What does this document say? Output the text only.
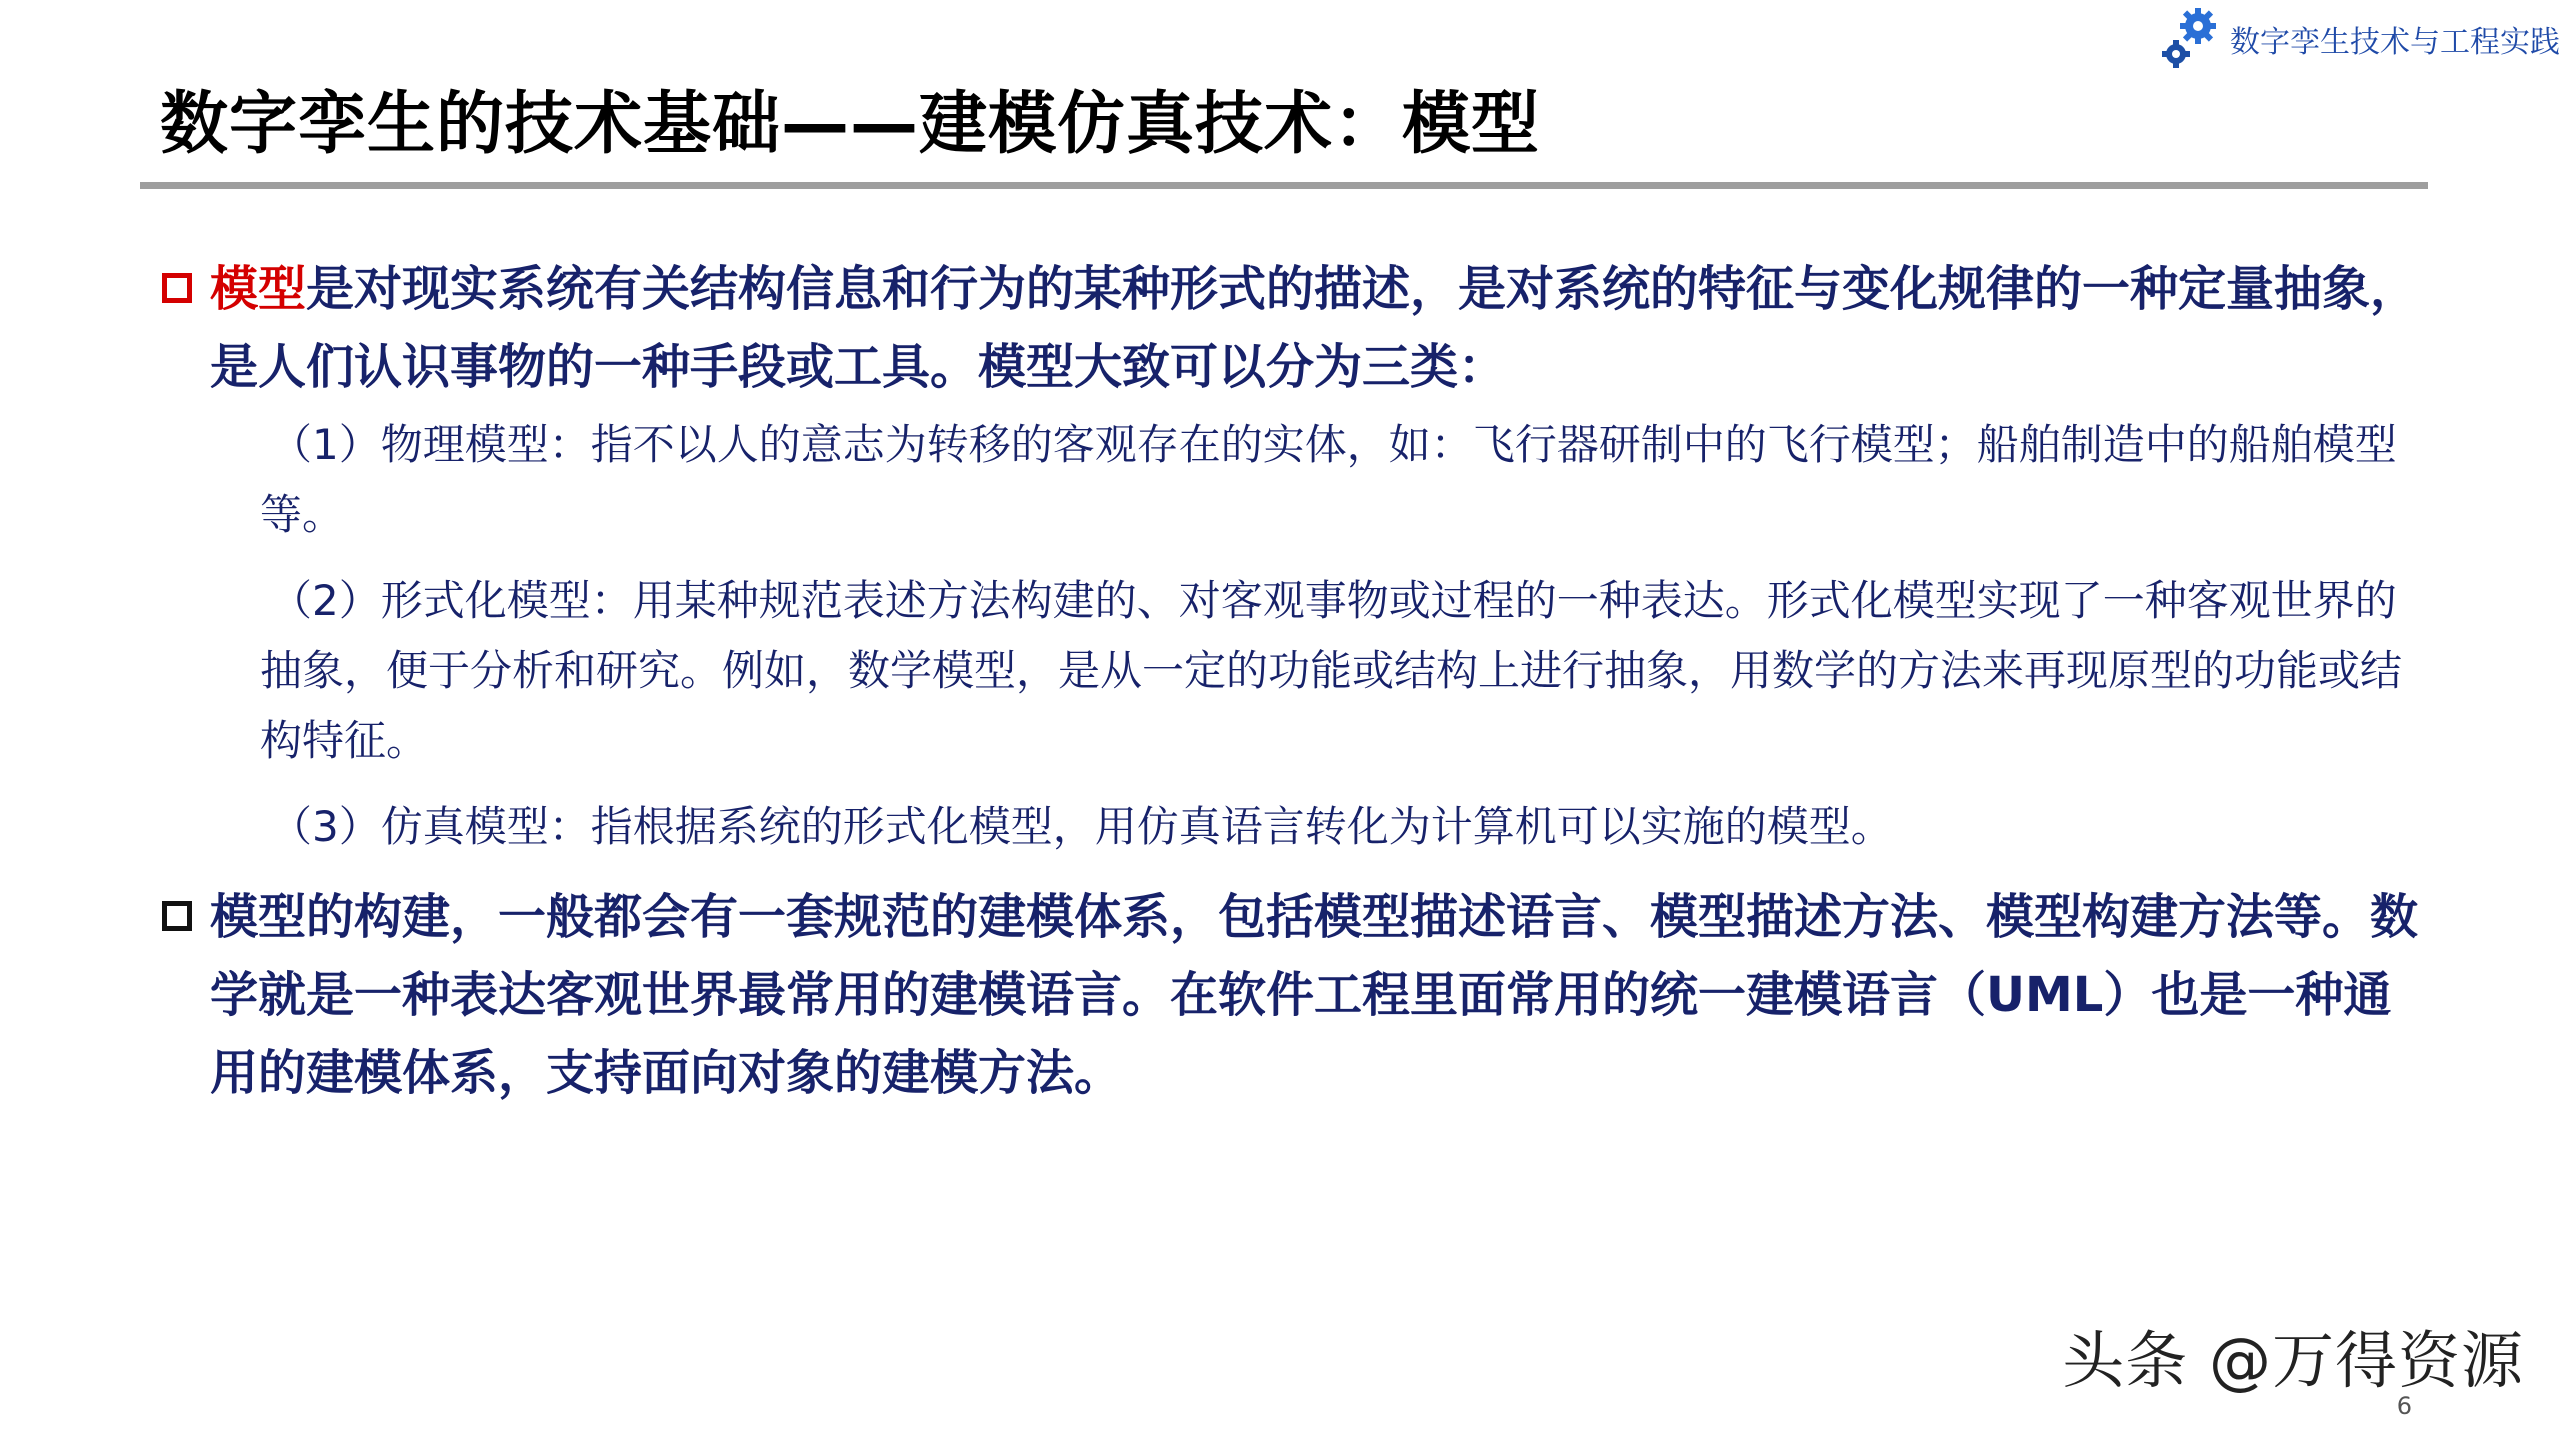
数字孪生技术与工程实践
数字孪生的技术基础——建模仿真技术：模型

模型是对现实系统有关结构信息和行为的某种形式的描述，是对系统的特征与变化规律的一种定量抽象，是人们认识事物的一种手段或工具。模型大致可以分为三类：

（1）物理模型：指不以人的意志为转移的客观存在的实体，如：飞行器研制中的飞行模型；船舶制造中的船舶模型等。

（2）形式化模型：用某种规范表述方法构建的、对客观事物或过程的一种表达。形式化模型实现了一种客观世界的抽象，便于分析和研究。例如，数学模型，是从一定的功能或结构上进行抽象，用数学的方法来再现原型的功能或结构特征。

（3）仿真模型：指根据系统的形式化模型，用仿真语言转化为计算机可以实施的模型。

模型的构建，一般都会有一套规范的建模体系，包括模型描述语言、模型描述方法、模型构建方法等。数学就是一种表达客观世界最常用的建模语言。在软件工程里面常用的统一建模语言（UML）也是一种通用的建模体系，支持面向对象的建模方法。

头条 @万得资源
6
